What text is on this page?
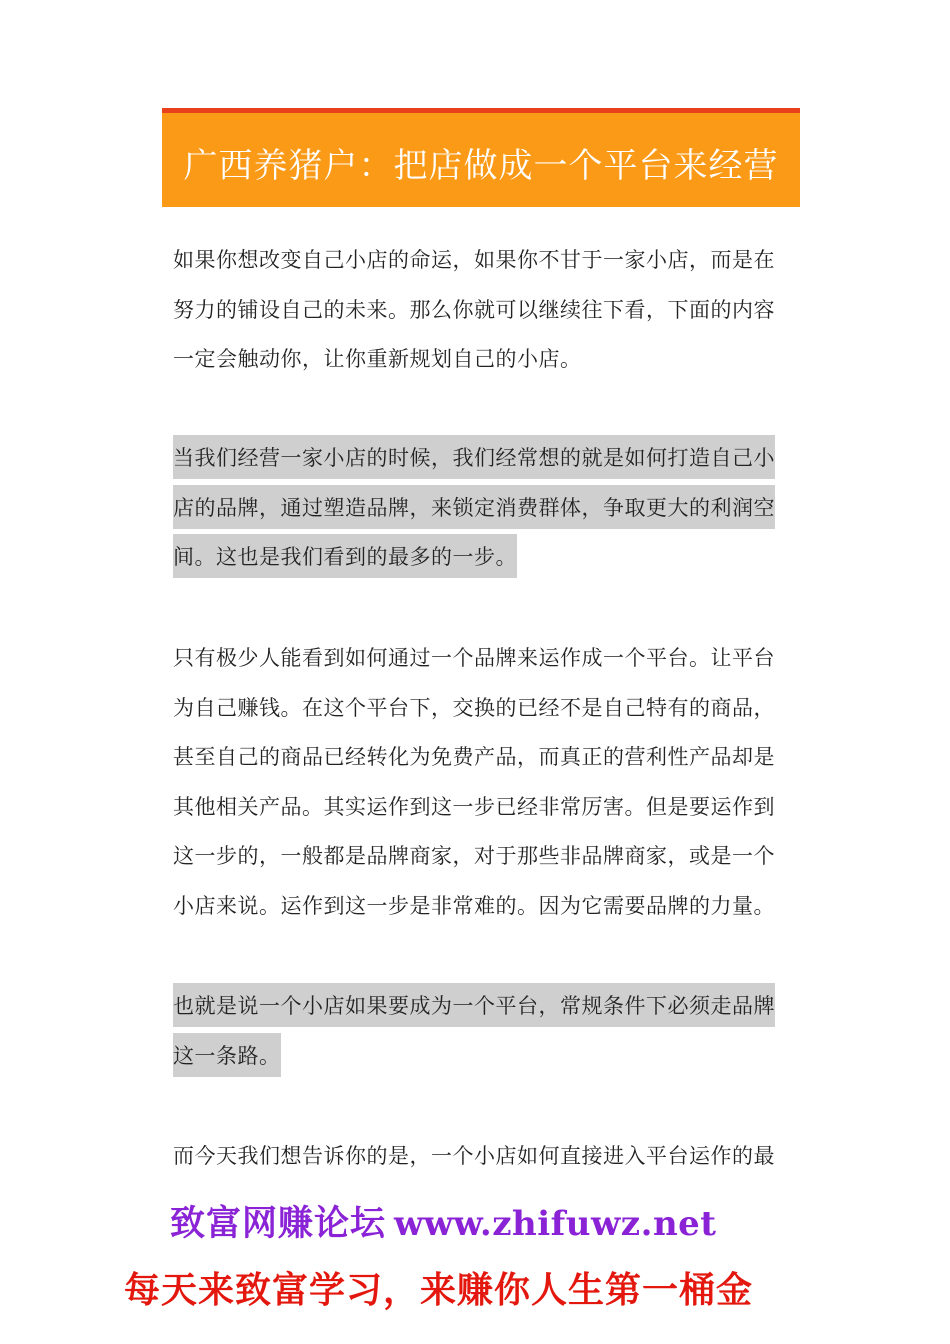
广西养猪户：把店做成一个平台来经营

如果你想改变自己小店的命运，如果你不甘于一家小店，而是在努力的铺设自己的未来。那么你就可以继续往下看，下面的内容一定会触动你，让你重新规划自己的小店。

当我们经营一家小店的时候，我们经常想的就是如何打造自己小店的品牌，通过塑造品牌，来锁定消费群体，争取更大的利润空间。这也是我们看到的最多的一步。

只有极少人能看到如何通过一个品牌来运作成一个平台。让平台为自己赚钱。在这个平台下，交换的已经不是自己特有的商品，甚至自己的商品已经转化为免费产品，而真正的营利性产品却是其他相关产品。其实运作到这一步已经非常厉害。但是要运作到这一步的，一般都是品牌商家，对于那些非品牌商家，或是一个小店来说。运作到这一步是非常难的。因为它需要品牌的力量。

也就是说一个小店如果要成为一个平台，常规条件下必须走品牌这一条路。

而今天我们想告诉你的是，一个小店如何直接进入平台运作的最

致富网赚论坛 www.zhifuwz.net
每天来致富学习，来赚你人生第一桶金
